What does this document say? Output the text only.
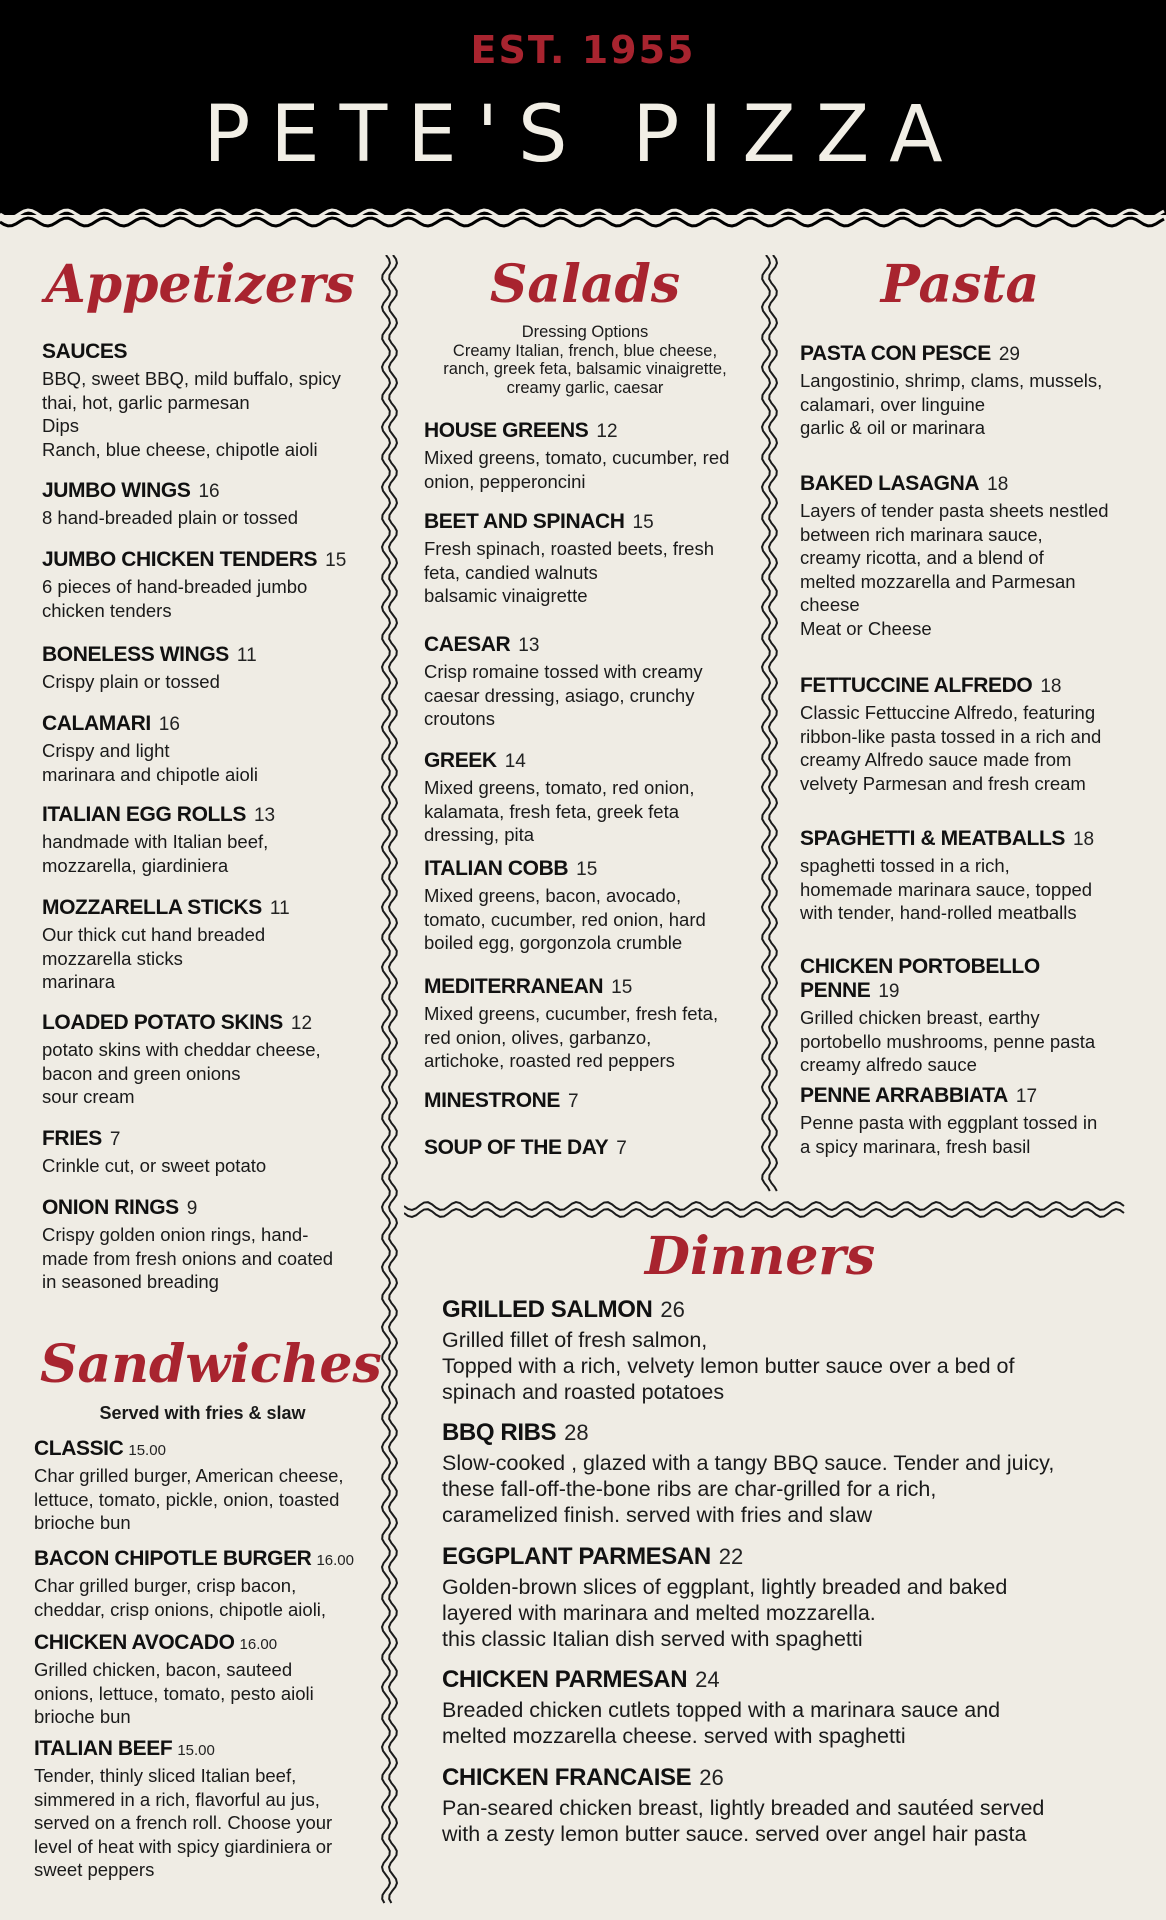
EST. 1955
PETE'S PIZZA
Appetizers	Salads	Pasta
Sandwiches
Dinners
Served with fries & slaw
Dressing Options
Creamy Italian, french, blue cheese,
ranch, greek feta, balsamic vinaigrette,
creamy garlic, caesar
SAUCES
BBQ, sweet BBQ, mild buffalo, spicy
thai, hot, garlic parmesan
Dips
Ranch, blue cheese, chipotle aioli
JUMBO WINGS 16
8 hand-breaded plain or tossed
JUMBO CHICKEN TENDERS 15
6 pieces of hand-breaded jumbo
chicken tenders
BONELESS WINGS 11
Crispy plain or tossed
CALAMARI 16
Crispy and light
marinara and chipotle aioli
ITALIAN EGG ROLLS 13
handmade with Italian beef,
mozzarella, giardiniera
MOZZARELLA STICKS 11
Our thick cut hand breaded
mozzarella sticks
marinara
LOADED POTATO SKINS 12
potato skins with cheddar cheese,
bacon and green onions
sour cream
FRIES 7
Crinkle cut, or sweet potato
ONION RINGS 9
Crispy golden onion rings, hand-
made from fresh onions and coated
in seasoned breading
CLASSIC 15.00
Char grilled burger, American cheese,
lettuce, tomato, pickle, onion, toasted
brioche bun
BACON CHIPOTLE BURGER 16.00
Char grilled burger, crisp bacon,
cheddar, crisp onions, chipotle aioli,
CHICKEN AVOCADO 16.00
Grilled chicken, bacon, sauteed
onions, lettuce, tomato, pesto aioli
brioche bun
ITALIAN BEEF 15.00
Tender, thinly sliced Italian beef,
simmered in a rich, flavorful au jus,
served on a french roll. Choose your
level of heat with spicy giardiniera or
sweet peppers
HOUSE GREENS 12
Mixed greens, tomato, cucumber, red
onion, pepperoncini
BEET AND SPINACH 15
Fresh spinach, roasted beets, fresh
feta, candied walnuts
balsamic vinaigrette
CAESAR 13
Crisp romaine tossed with creamy
caesar dressing, asiago, crunchy
croutons
GREEK 14
Mixed greens, tomato, red onion,
kalamata, fresh feta, greek feta
dressing, pita
ITALIAN COBB 15
Mixed greens, bacon, avocado,
tomato, cucumber, red onion, hard
boiled egg, gorgonzola crumble
MEDITERRANEAN 15
Mixed greens, cucumber, fresh feta,
red onion, olives, garbanzo,
artichoke, roasted red peppers
MINESTRONE 7
SOUP OF THE DAY 7
PASTA CON PESCE 29
Langostinio, shrimp, clams, mussels,
calamari, over linguine
garlic & oil or marinara
BAKED LASAGNA 18
Layers of tender pasta sheets nestled
between rich marinara sauce,
creamy ricotta, and a blend of
melted mozzarella and Parmesan
cheese
Meat or Cheese
FETTUCCINE ALFREDO 18
Classic Fettuccine Alfredo, featuring
ribbon-like pasta tossed in a rich and
creamy Alfredo sauce made from
velvety Parmesan and fresh cream
SPAGHETTI & MEATBALLS 18
spaghetti tossed in a rich,
homemade marinara sauce, topped
with tender, hand-rolled meatballs
CHICKEN PORTOBELLO PENNE 19
Grilled chicken breast, earthy
portobello mushrooms, penne pasta
creamy alfredo sauce
PENNE ARRABBIATA 17
Penne pasta with eggplant tossed in
a spicy marinara, fresh basil
GRILLED SALMON 26
Grilled fillet of fresh salmon,
Topped with a rich, velvety lemon butter sauce over a bed of
spinach and roasted potatoes
BBQ RIBS 28
Slow-cooked , glazed with a tangy BBQ sauce. Tender and juicy,
these fall-off-the-bone ribs are char-grilled for a rich,
caramelized finish. served with fries and slaw
EGGPLANT PARMESAN 22
Golden-brown slices of eggplant, lightly breaded and baked
layered with marinara and melted mozzarella.
this classic Italian dish served with spaghetti
CHICKEN PARMESAN 24
Breaded chicken cutlets topped with a marinara sauce and
melted mozzarella cheese. served with spaghetti
CHICKEN FRANCAISE 26
Pan-seared chicken breast, lightly breaded and sautéed served
with a zesty lemon butter sauce. served over angel hair pasta
